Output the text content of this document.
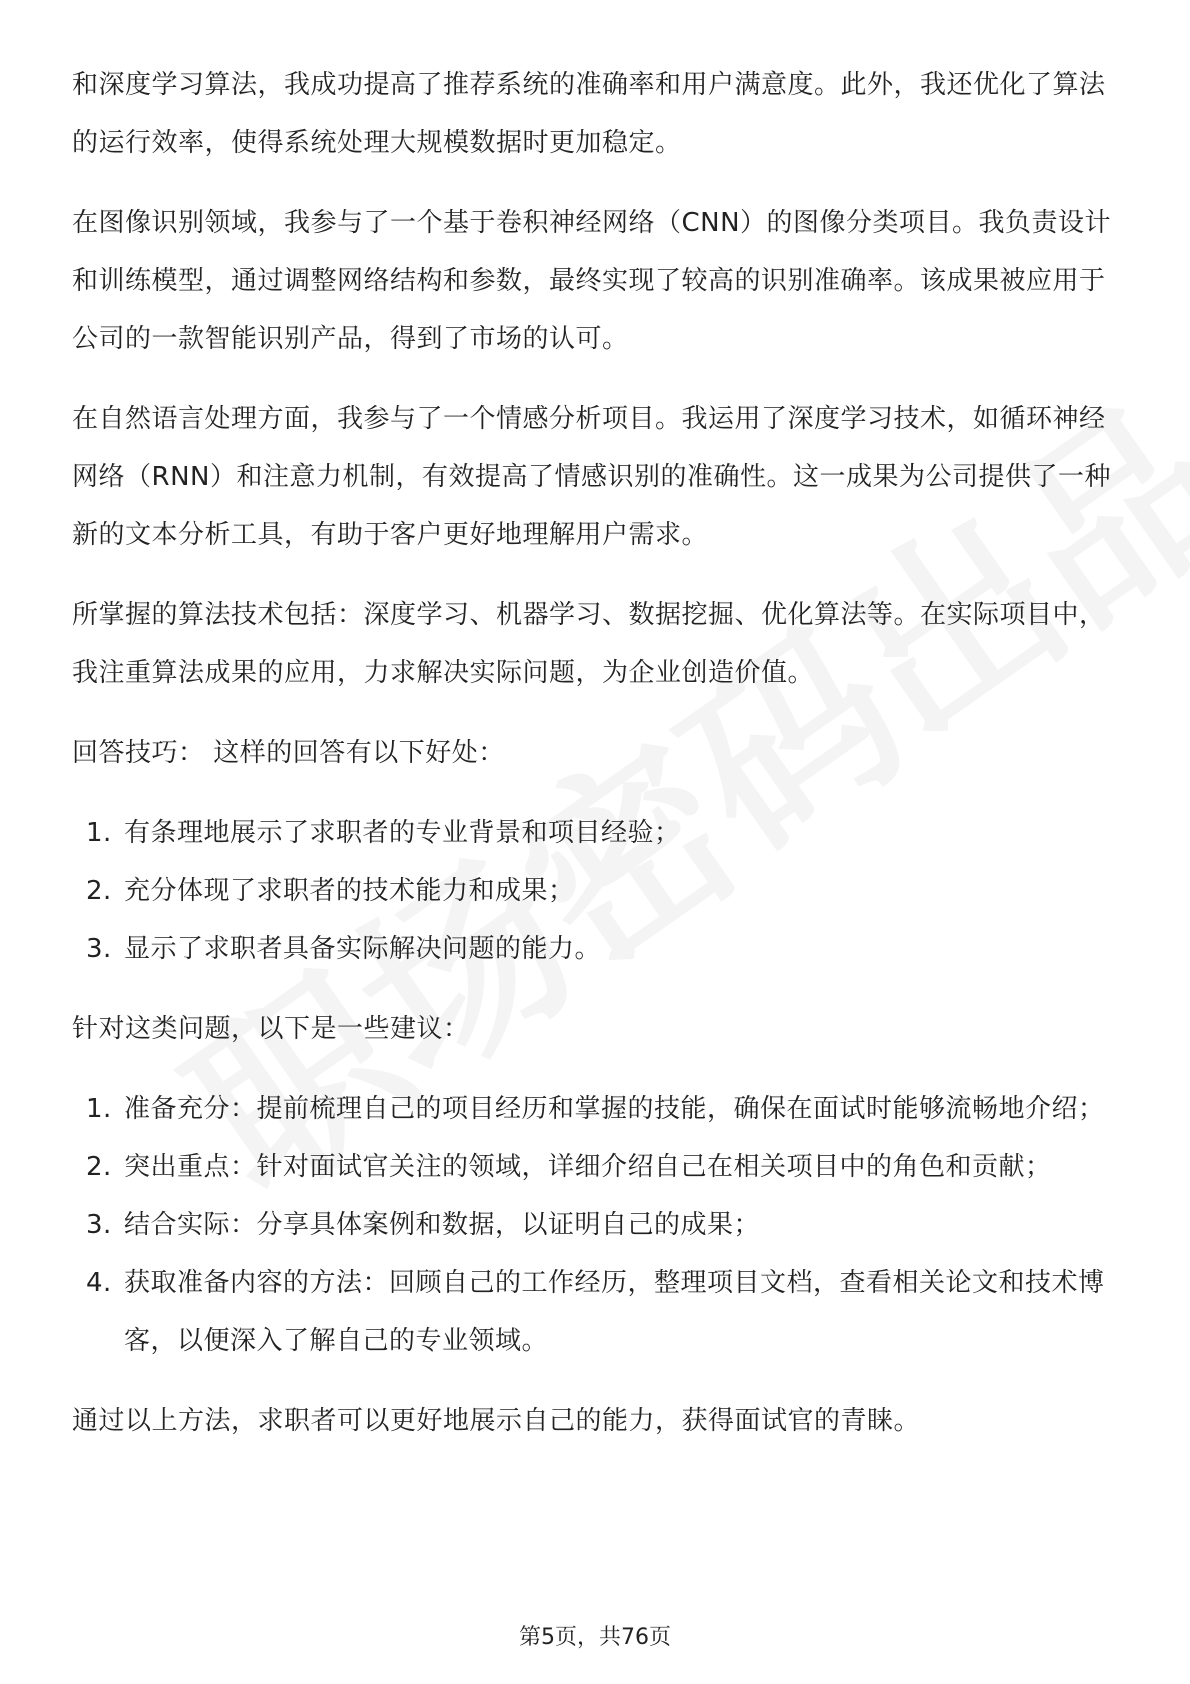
和深度学习算法，我成功提高了推荐系统的准确率和用户满意度。此外，我还优化了算法的运行效率，使得系统处理大规模数据时更加稳定。

在图像识别领域，我参与了一个基于卷积神经网络（CNN）的图像分类项目。我负责设计和训练模型，通过调整网络结构和参数，最终实现了较高的识别准确率。该成果被应用于公司的一款智能识别产品，得到了市场的认可。

在自然语言处理方面，我参与了一个情感分析项目。我运用了深度学习技术，如循环神经网络（RNN）和注意力机制，有效提高了情感识别的准确性。这一成果为公司提供了一种新的文本分析工具，有助于客户更好地理解用户需求。

所掌握的算法技术包括：深度学习、机器学习、数据挖掘、优化算法等。在实际项目中，我注重算法成果的应用，力求解决实际问题，为企业创造价值。

回答技巧： 这样的回答有以下好处：

1. 有条理地展示了求职者的专业背景和项目经验；
2. 充分体现了求职者的技术能力和成果；
3. 显示了求职者具备实际解决问题的能力。

针对这类问题，以下是一些建议：

1. 准备充分：提前梳理自己的项目经历和掌握的技能，确保在面试时能够流畅地介绍；
2. 突出重点：针对面试官关注的领域，详细介绍自己在相关项目中的角色和贡献；
3. 结合实际：分享具体案例和数据，以证明自己的成果；
4. 获取准备内容的方法：回顾自己的工作经历，整理项目文档，查看相关论文和技术博客，以便深入了解自己的专业领域。

通过以上方法，求职者可以更好地展示自己的能力，获得面试官的青睐。

第5页，共76页
